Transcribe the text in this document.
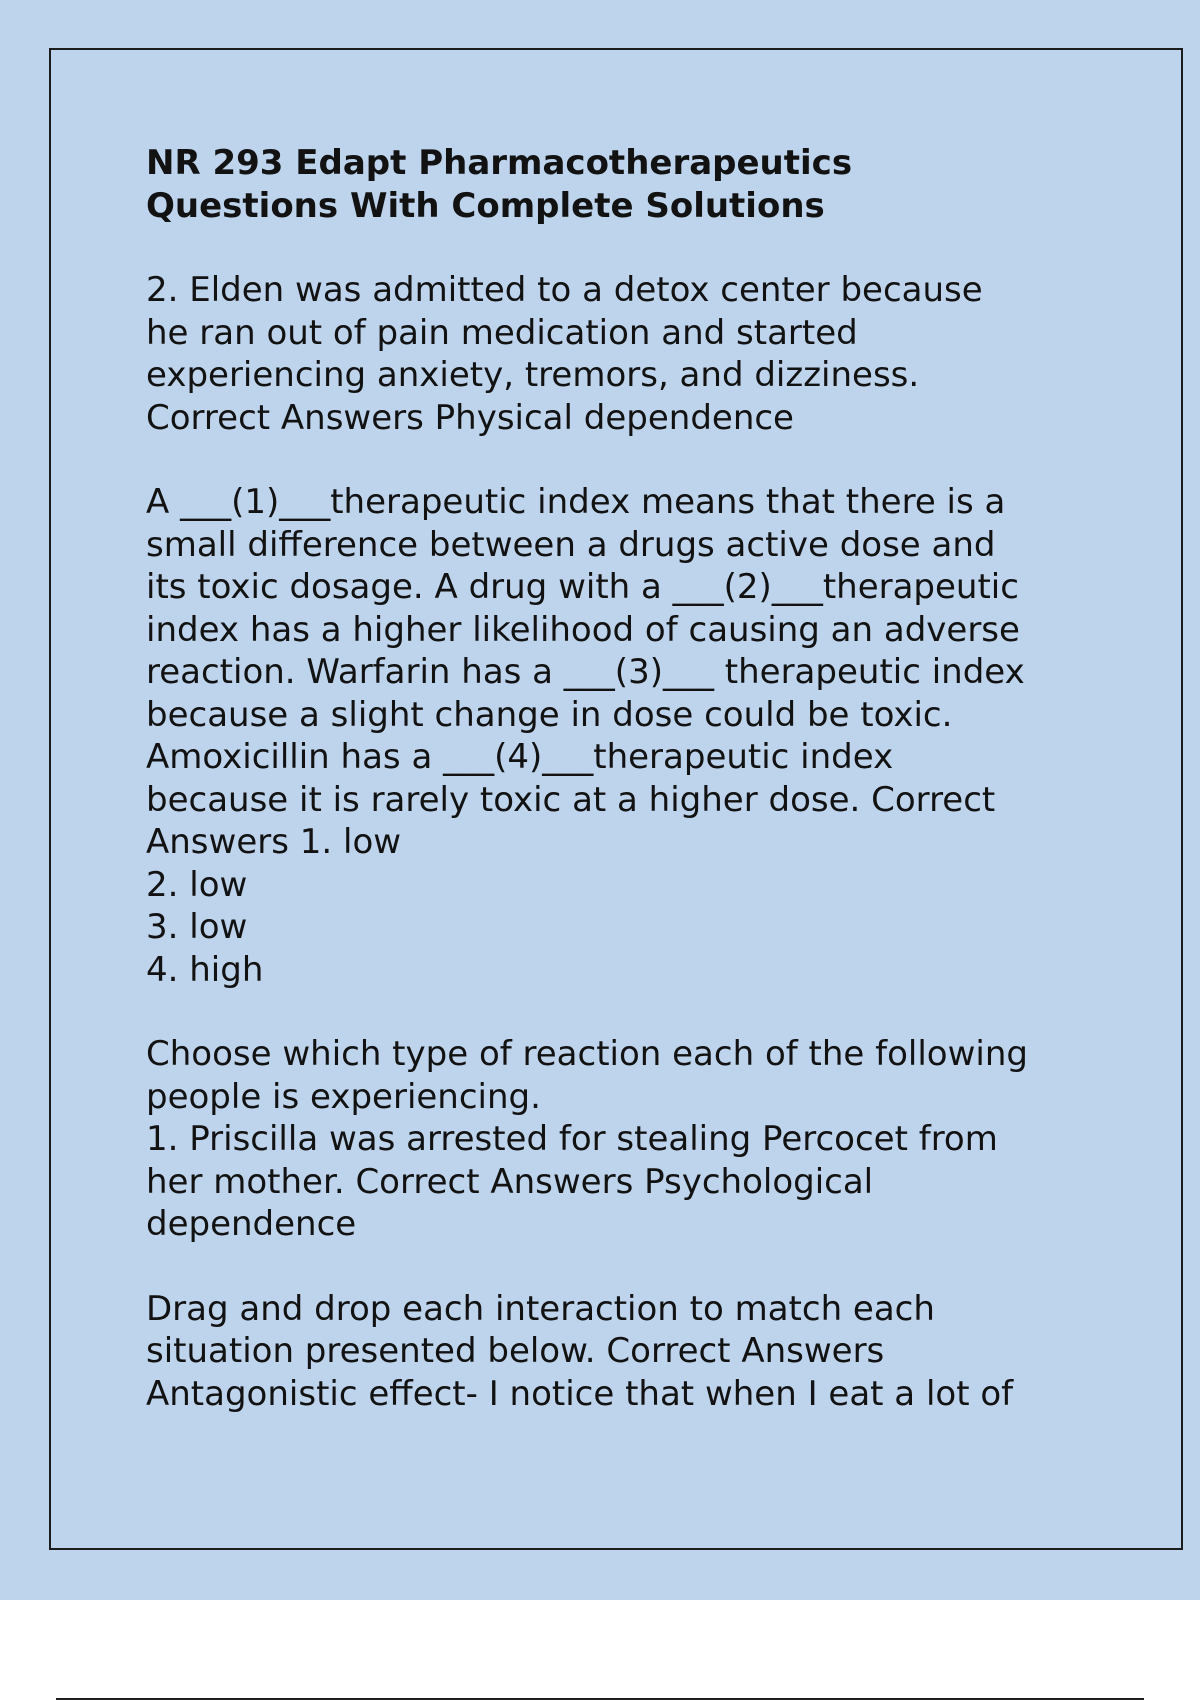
NR 293 Edapt Pharmacotherapeutics
Questions With Complete Solutions
2. Elden was admitted to a detox center because
he ran out of pain medication and started
experiencing anxiety, tremors, and dizziness.
Correct Answers Physical dependence
A ___(1)___therapeutic index means that there is a
small difference between a drugs active dose and
its toxic dosage. A drug with a ___(2)___therapeutic
index has a higher likelihood of causing an adverse
reaction. Warfarin has a ___(3)___ therapeutic index
because a slight change in dose could be toxic.
Amoxicillin has a ___(4)___therapeutic index
because it is rarely toxic at a higher dose. Correct
Answers 1. low
2. low
3. low
4. high
Choose which type of reaction each of the following
people is experiencing.
1. Priscilla was arrested for stealing Percocet from
her mother. Correct Answers Psychological
dependence
Drag and drop each interaction to match each
situation presented below. Correct Answers
Antagonistic effect- I notice that when I eat a lot of
